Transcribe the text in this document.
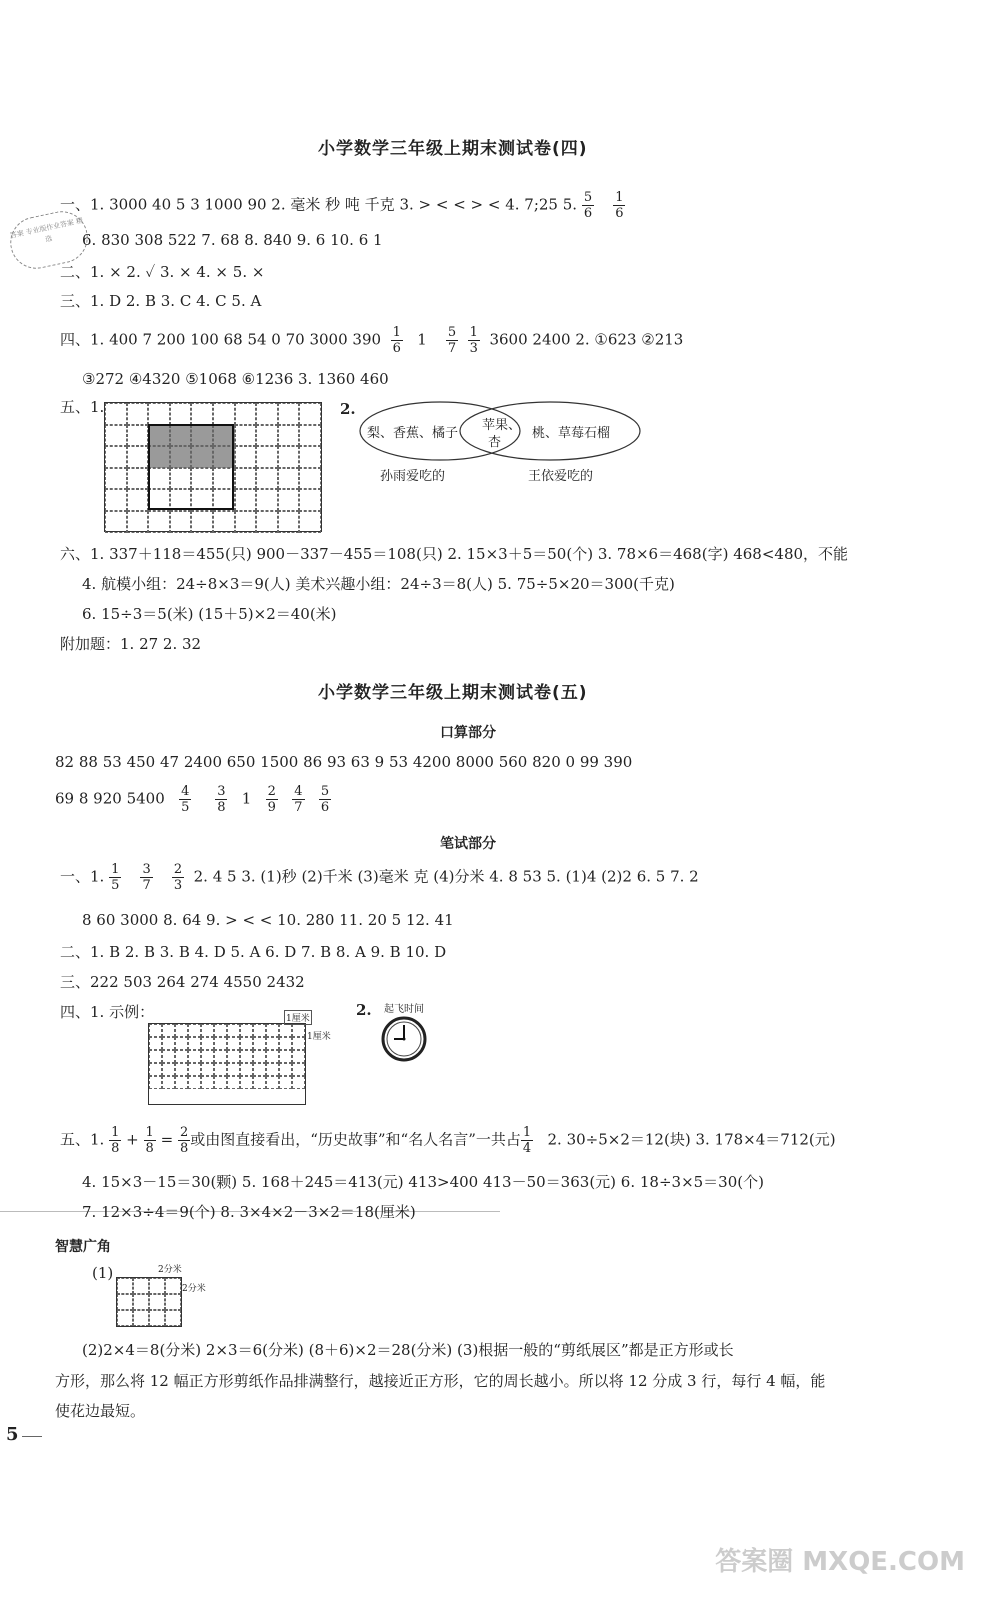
小学数学三年级上期末测试卷(四)
答案 专业版作业答案 精选
一、1. 3000 40 5 3 1000 90 2. 毫米 秒 吨 千克 3. > < < > < 4. 7;25 5. $\frac{5}{6}$
$\frac{1}{6}$
6. 830 308 522 7. 68 8. 840 9. 6 10. 6 1
二、1. × 2. ✓ 3. × 4. × 5. ×
三、1. D 2. B 3. C 4. C 5. A
四、1. 400 7 200 100 68 54 0 70 3000 $390 \frac{1}{6} 1 \frac{5}{7}$
$\frac{1}{3} 3600$ 2400 2. ①623 ②213
③272 ④4320 ⑤1068 ⑥1236 3. 1360 460
五、1.	2.
梨、香蕉、橘子
苹果、
杏
桃、草莓石榴
孙雨爱吃的	王依爱吃的
六、1. 337＋118＝455(只) 900－337－455＝108(只) 2. 15×3＋5＝50(个) 3. 78×6＝468(字) 468<480，不能
4. 航模小组：24÷8×3＝9(人) 美术兴趣小组：24÷3＝8(人) 5. 75÷5×20＝300(千克)
6. 15÷3＝5(米) (15＋5)×2＝40(米)
附加题：1. 27 2. 32
小学数学三年级上期末测试卷(五)
口算部分
82 88 53 450 47 2400 650 1500 86 93 63 9 53 4200 8000 560 820 0 99 390
69 8 920 $5400 \frac{4}{5}$
$\frac{3}{8} 1 \frac{2}{9}$
$\frac{4}{7}$
$\frac{5}{6}$
笔试部分
一、1. $\frac{1}{5}$
$\frac{3}{7}$
$\frac{2}{3} 2$. 4 5 3. (1)秒 (2)千米 (3)毫米 克 (4)分米 4. 8 53 5. (1)4 (2)2 6. 5 7. 2
8 60 3000 8. 64 9. > < < 10. 280 11. 20 5 12. 41
二、1. B 2. B 3. B 4. D 5. A 6. D 7. B 8. A 9. B 10. D
三、222 503 264 274 4550 2432
四、1. 示例：	1厘米
1厘米
2. 起飞时间
五、1. $\frac{1}{8} + \frac{1}{8} = \frac{2}{8}$ 或由图直接看出，“历史故事”和“名人名言”一共占 $\frac{1}{4} 2$. 30÷5×2＝12(块) 3. 178×4＝712(元)
4. 15×3－15＝30(颗) 5. 168＋245＝413(元) 413>400 413－50＝363(元) 6. 18÷3×5＝30(个)
7. 12×3÷4＝9(个) 8. 3×4×2－3×2＝18(厘米)
智慧广角
(1)	2分米
2分米
(2)2×4＝8(分米) 2×3＝6(分米) (8＋6)×2＝28(分米) (3)根据一般的“剪纸展区”都是正方形或长
方形，那么将 12 幅正方形剪纸作品排满整行，越接近正方形，它的周长越小。所以将 12 分成 3 行，每行 4 幅，能
使花边最短。
5
答案圈 MXQE.COM
